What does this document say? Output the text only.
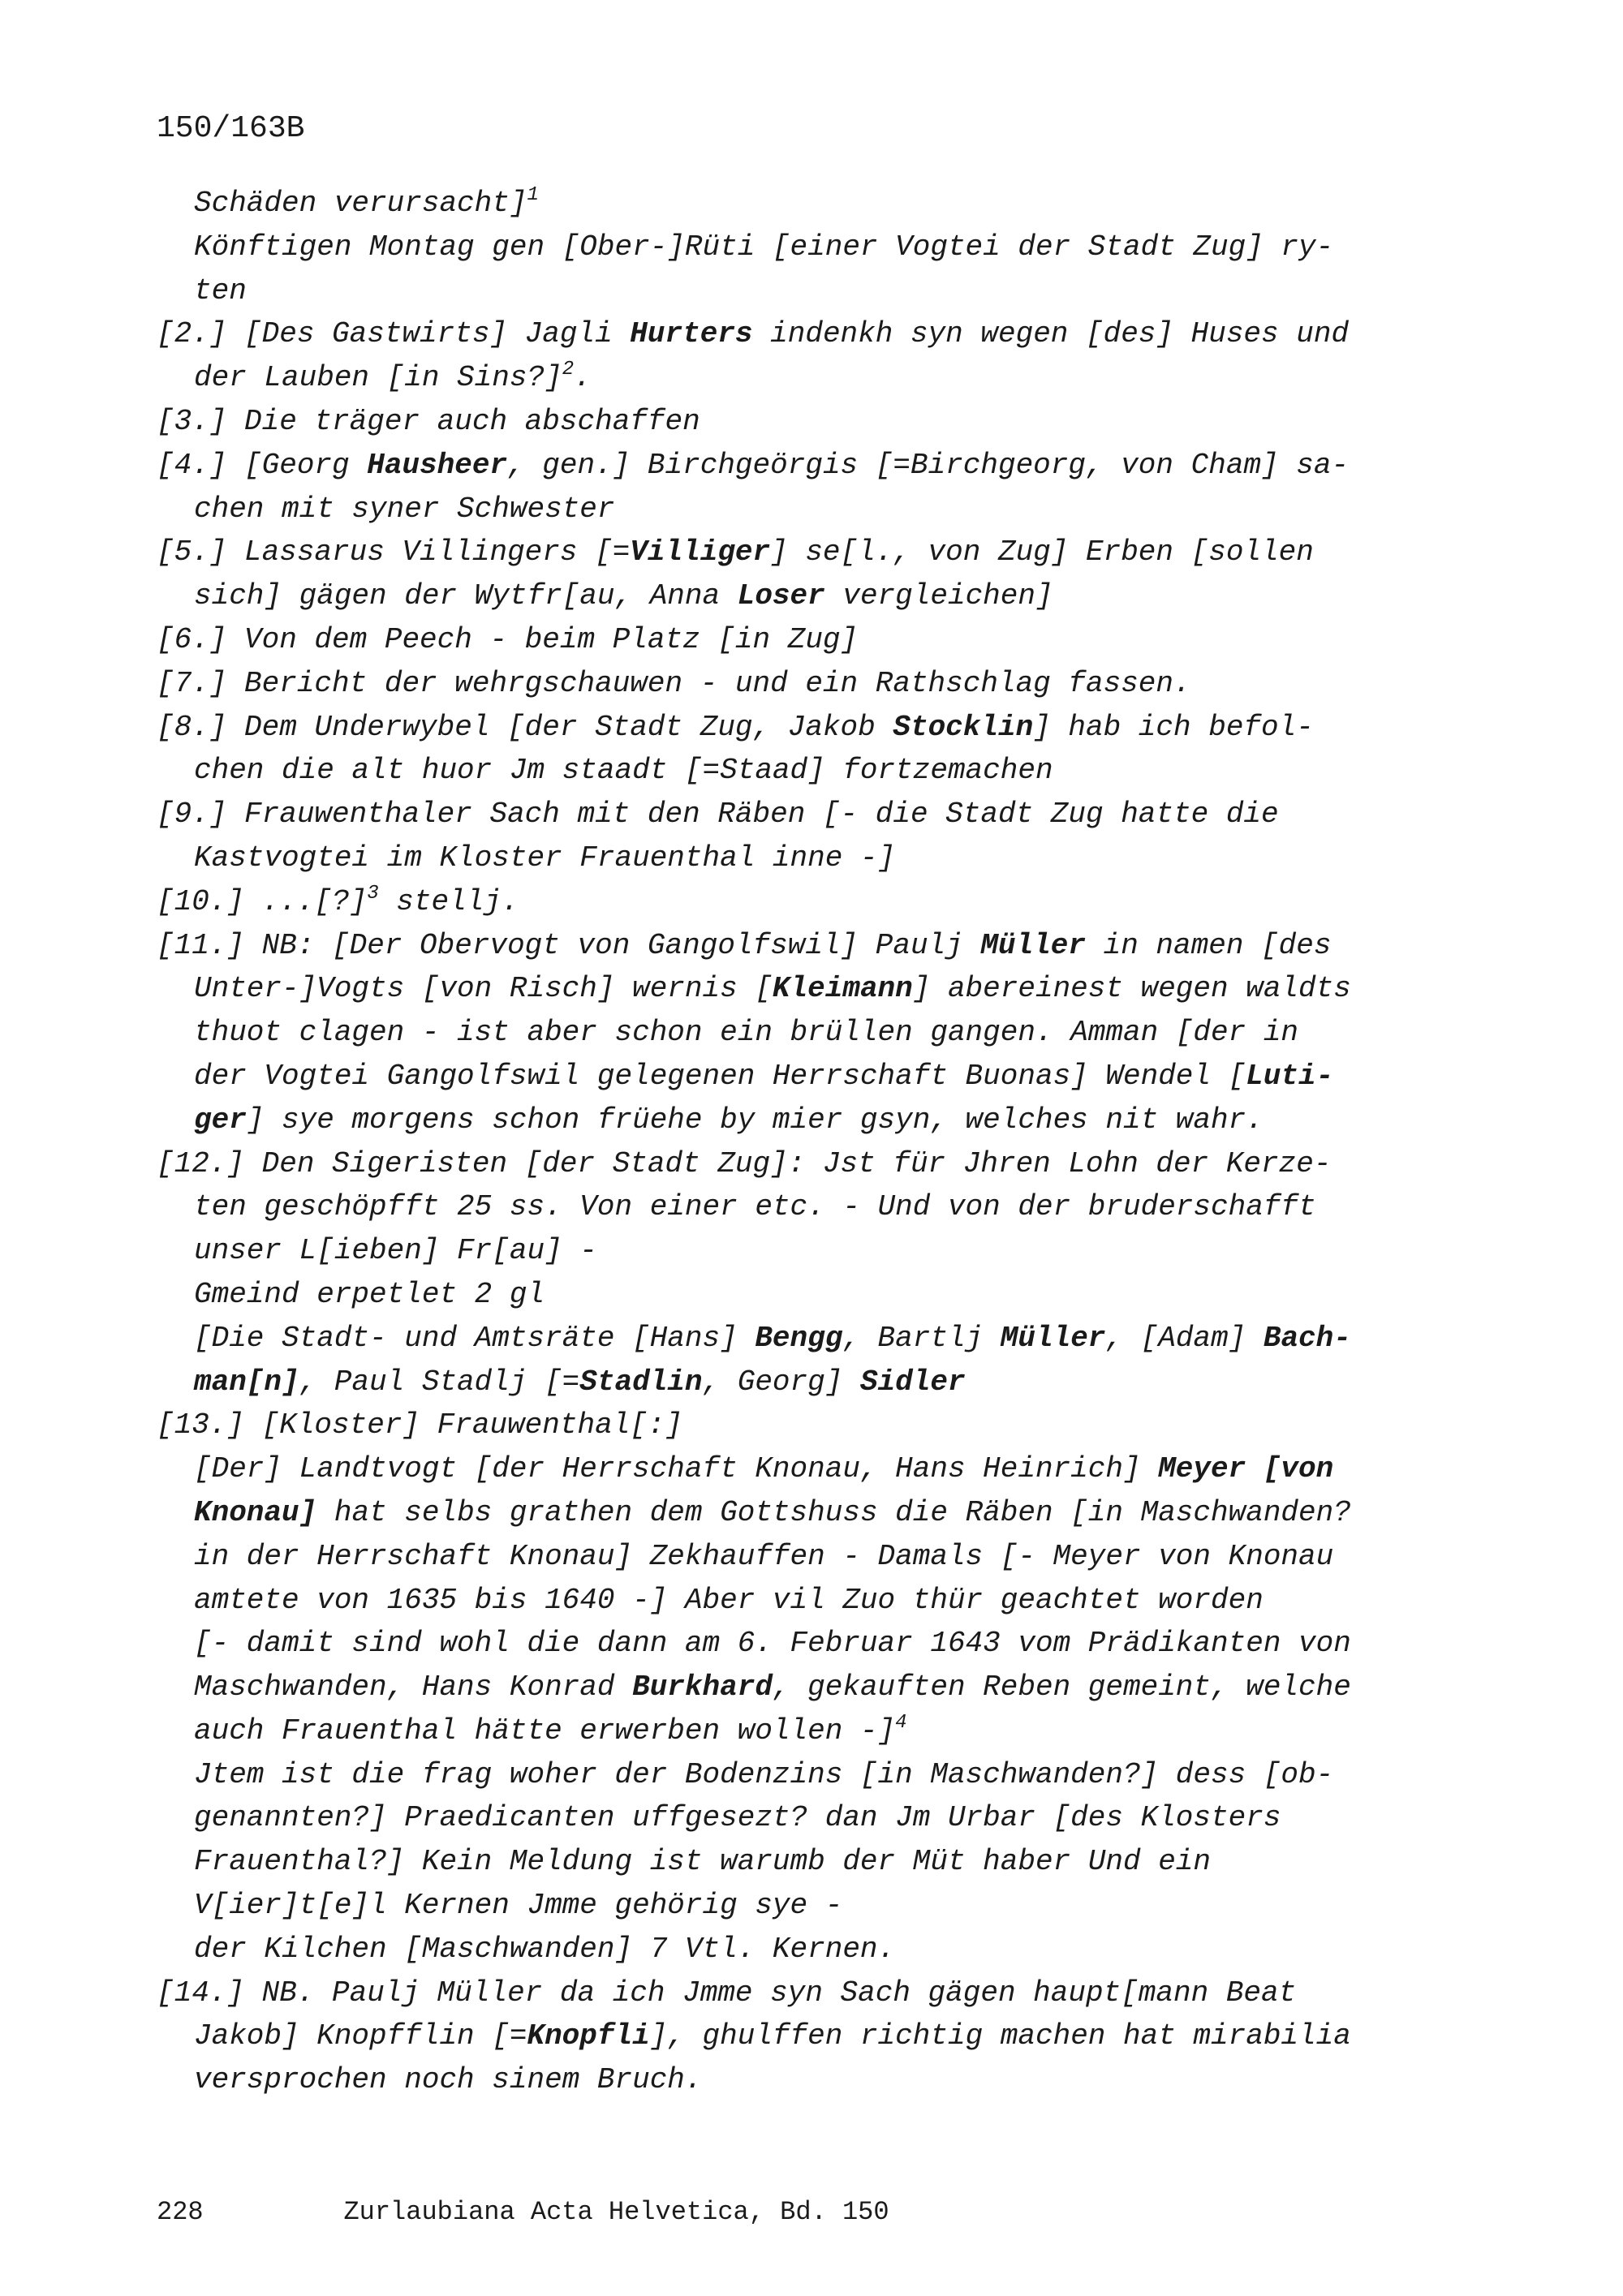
150/163B
Schäden verursacht]$^1$
Könftigen Montag gen [Ober-]Rüti [einer Vogtei der Stadt Zug] ry-
ten
[2.] [Des Gastwirts] Jagli Hurters indenkh syn wegen [des] Huses und
der Lauben [in Sins?]$^2$.
[3.] Die träger auch abschaffen
[4.] [Georg Hausheer, gen.] Birchgeörgis [=Birchgeorg, von Cham] sa-
chen mit syner Schwester
[5.] Lassarus Villingers [=Villiger] se[l., von Zug] Erben [sollen
sich] gägen der Wytfr[au, Anna Loser vergleichen]
[6.] Von dem Peech - beim Platz [in Zug]
[7.] Bericht der wehrgschauwen - und ein Rathschlag fassen.
[8.] Dem Underwybel [der Stadt Zug, Jakob Stocklin] hab ich befol-
chen die alt huor Jm staadt [=Staad] fortzemachen
[9.] Frauwenthaler Sach mit den Räben [- die Stadt Zug hatte die
Kastvogtei im Kloster Frauenthal inne -]
[10.] ...[?]$^3$ stellj.
[11.] NB: [Der Obervogt von Gangolfswil] Paulj Müller in namen [des
Unter-]Vogts [von Risch] wernis [Kleimann] abereinest wegen waldts
thuot clagen - ist aber schon ein brüllen gangen. Amman [der in
der Vogtei Gangolfswil gelegenen Herrschaft Buonas] Wendel [Luti-
ger] sye morgens schon früehe by mier gsyn, welches nit wahr.
[12.] Den Sigeristen [der Stadt Zug]: Jst für Jhren Lohn der Kerze-
ten geschöpfft 25 ss. Von einer etc. - Und von der bruderschafft
unser L[ieben] Fr[au] -
Gmeind erpetlet 2 gl
[Die Stadt- und Amtsräte [Hans] Bengg, Bartlj Müller, [Adam] Bach-
man[n], Paul Stadlj [=Stadlin, Georg] Sidler
[13.] [Kloster] Frauwenthal[:]
[Der] Landtvogt [der Herrschaft Knonau, Hans Heinrich] Meyer [von
Knonau] hat selbs grathen dem Gottshuss die Räben [in Maschwanden?
in der Herrschaft Knonau] Zekhauffen - Damals [- Meyer von Knonau
amtete von 1635 bis 1640 -] Aber vil Zuo thür geachtet worden
[- damit sind wohl die dann am 6. Februar 1643 vom Prädikanten von
Maschwanden, Hans Konrad Burkhard, gekauften Reben gemeint, welche
auch Frauenthal hätte erwerben wollen -]$^4$
Jtem ist die frag woher der Bodenzins [in Maschwanden?] dess [ob-
genannten?] Praedicanten uffgesezt? dan Jm Urbar [des Klosters
Frauenthal?] Kein Meldung ist warumb der Müt haber Und ein
V[ier]t[e]l Kernen Jmme gehörig sye -
der Kilchen [Maschwanden] 7 Vtl. Kernen.
[14.] NB. Paulj Müller da ich Jmme syn Sach gägen haupt[mann Beat
Jakob] Knopfflin [=Knopfli], ghulffen richtig machen hat mirabilia
versprochen noch sinem Bruch.
228	Zurlaubiana Acta Helvetica, Bd. 150
